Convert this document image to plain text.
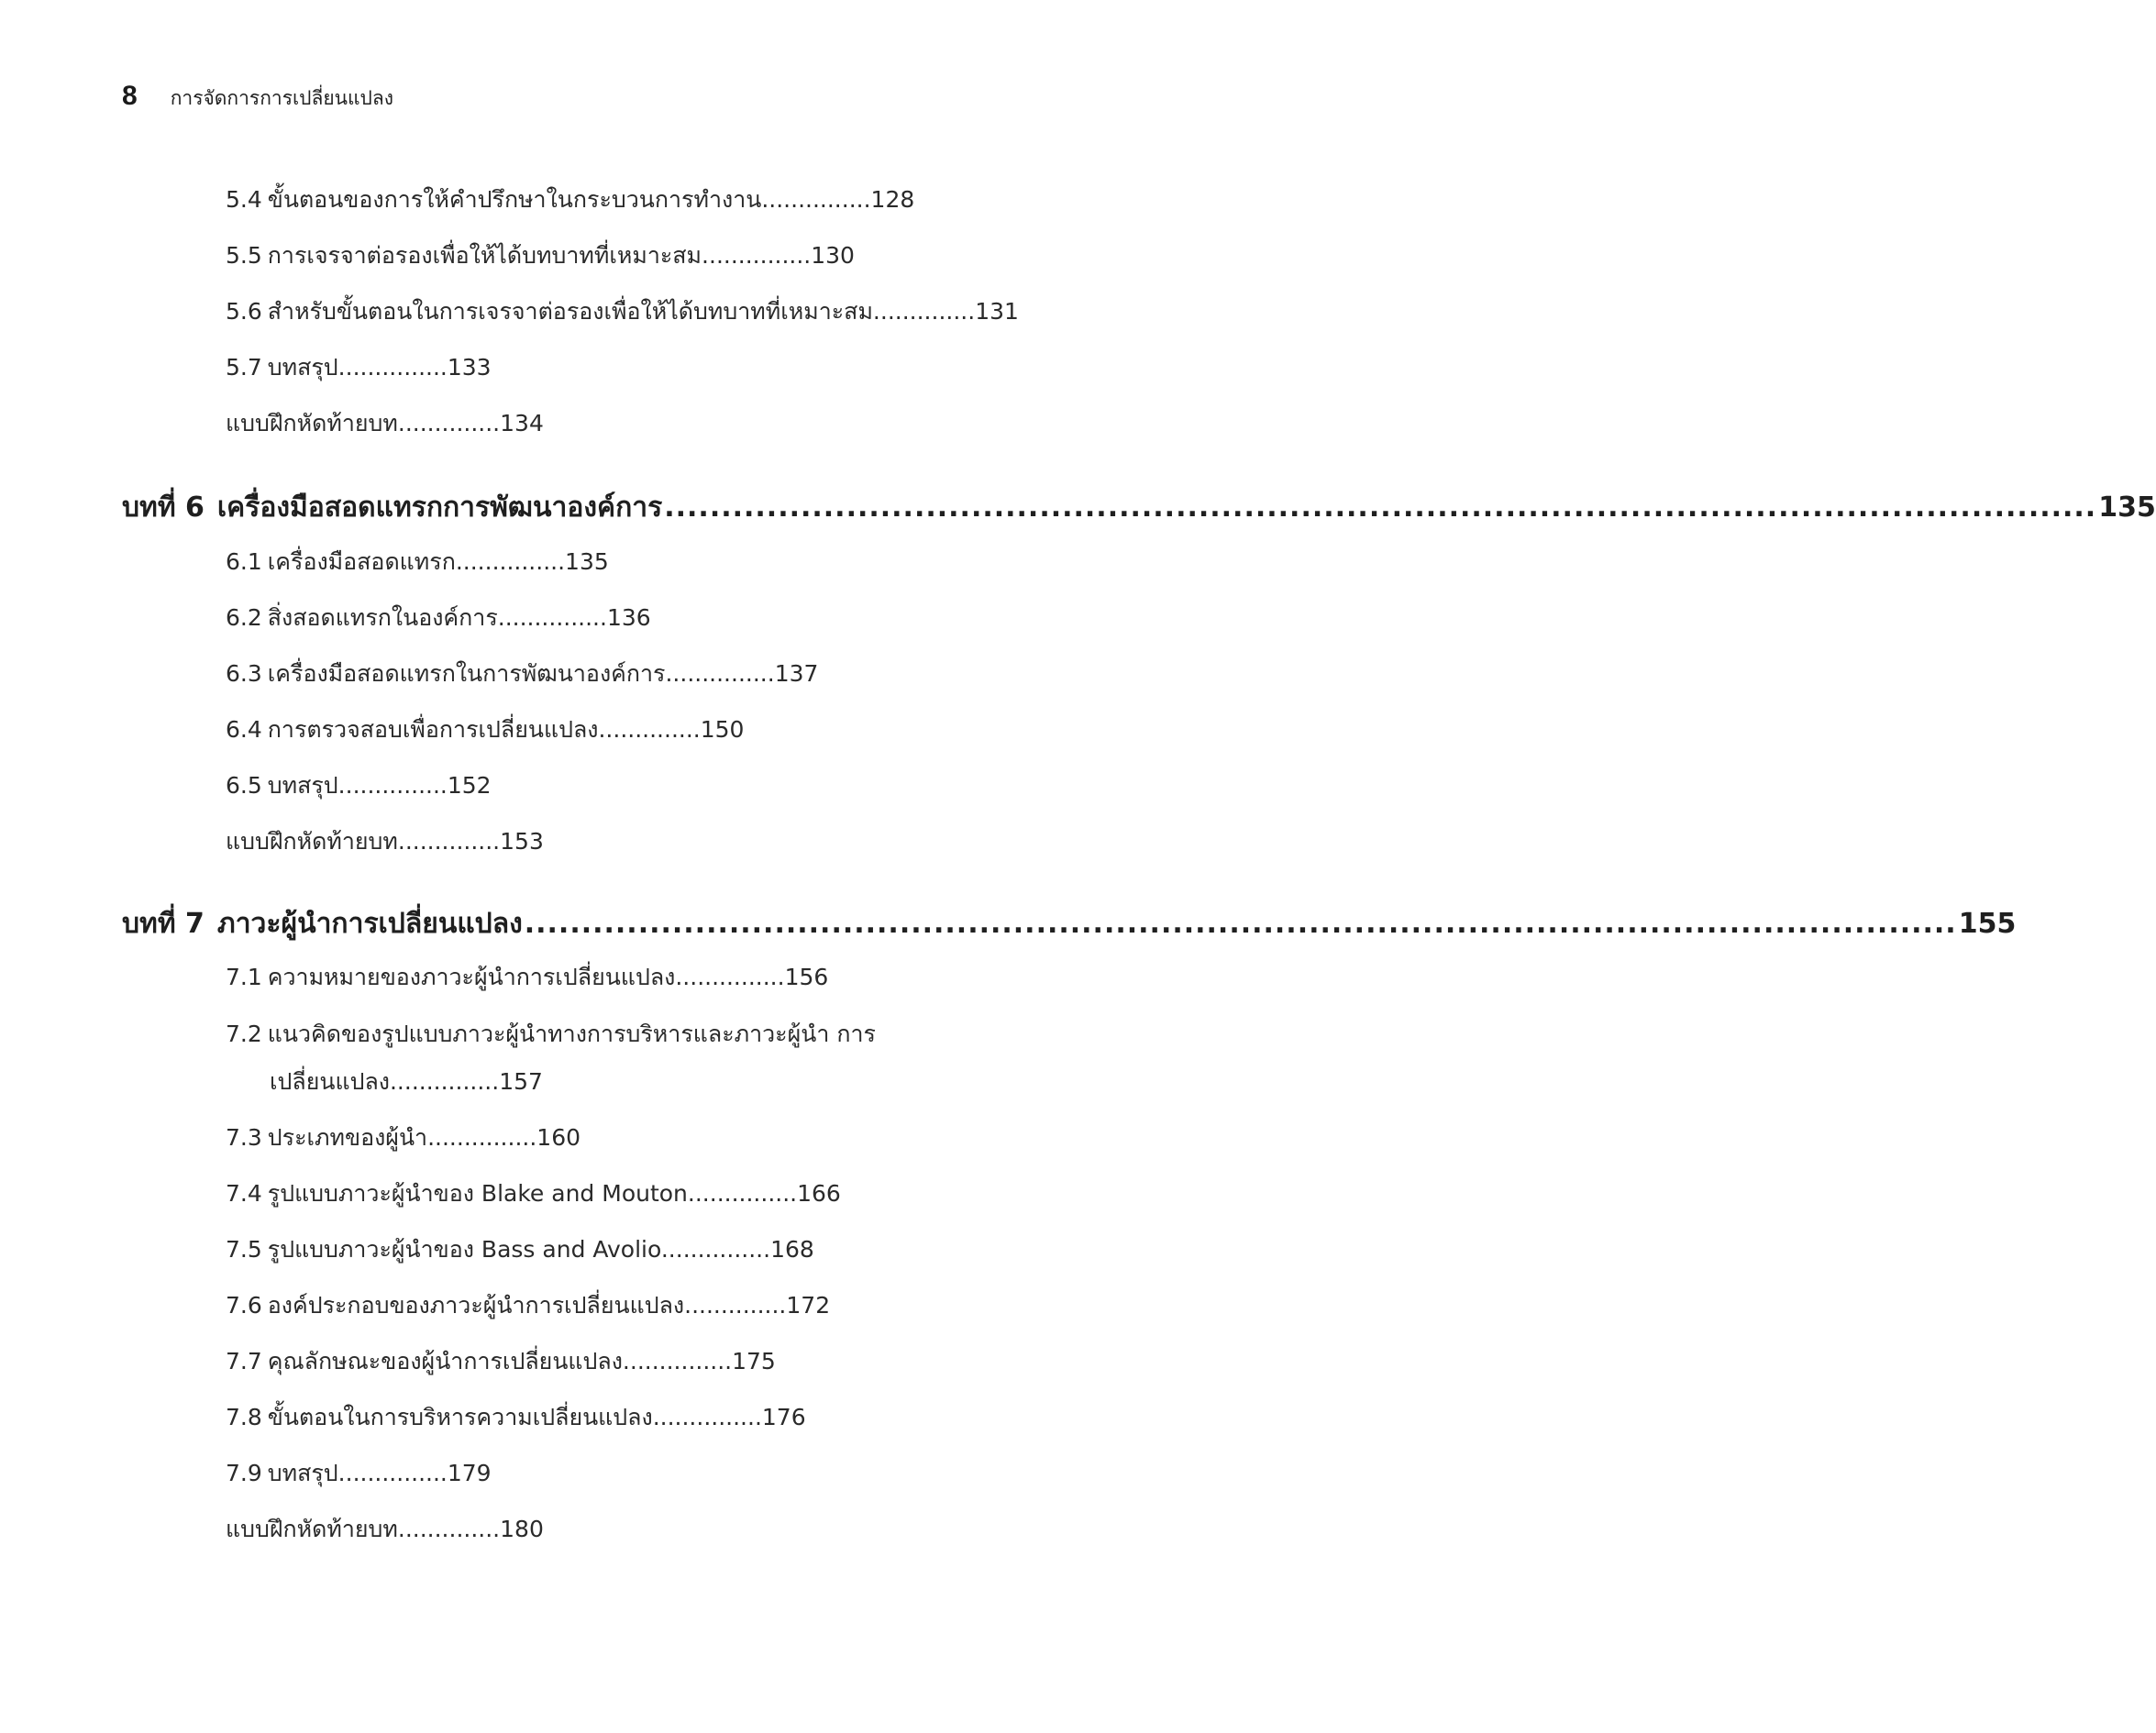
8 การจัดการการเปลี่ยนแปลง
5.4 ขั้นตอนของการให้คำปรึกษาในกระบวนการทำงาน...............128
5.5 การเจรจาต่อรองเพื่อให้ได้บทบาทที่เหมาะสม...............130
5.6 สำหรับขั้นตอนในการเจรจาต่อรองเพื่อให้ได้บทบาทที่เหมาะสม..............131
5.7 บทสรุป...............133
แบบฝึกหัดท้ายบท..............134
บทที่ 6 เครื่องมือสอดแทรกการพัฒนาองค์การ .............................................................................................................................. 135
6.1 เครื่องมือสอดแทรก...............135
6.2 สิ่งสอดแทรกในองค์การ...............136
6.3 เครื่องมือสอดแทรกในการพัฒนาองค์การ...............137
6.4 การตรวจสอบเพื่อการเปลี่ยนแปลง..............150
6.5 บทสรุป...............152
แบบฝึกหัดท้ายบท..............153
บทที่ 7 ภาวะผู้นำการเปลี่ยนแปลง .............................................................................................................................. 155
7.1 ความหมายของภาวะผู้นำการเปลี่ยนแปลง...............156
7.2 แนวคิดของรูปแบบภาวะผู้นำทางการบริหารและภาวะผู้นำ การเปลี่ยนแปลง...............157
7.3 ประเภทของผู้นำ...............160
7.4 รูปแบบภาวะผู้นำของ Blake and Mouton...............166
7.5 รูปแบบภาวะผู้นำของ Bass and Avolio...............168
7.6 องค์ประกอบของภาวะผู้นำการเปลี่ยนแปลง..............172
7.7 คุณลักษณะของผู้นำการเปลี่ยนแปลง...............175
7.8 ขั้นตอนในการบริหารความเปลี่ยนแปลง...............176
7.9 บทสรุป...............179
แบบฝึกหัดท้ายบท..............180
